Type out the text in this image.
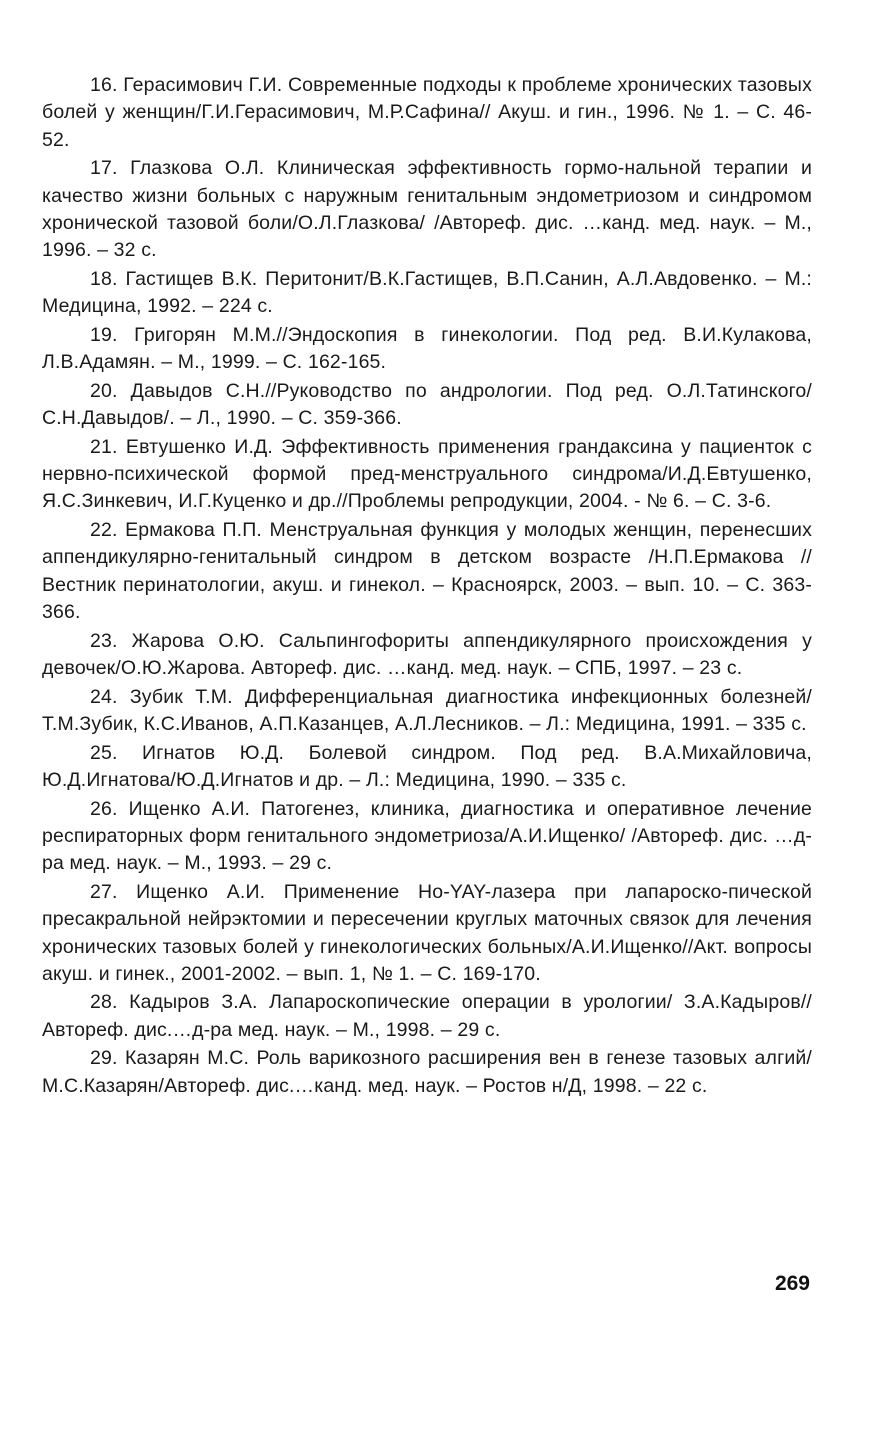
16. Герасимович Г.И. Современные подходы к проблеме хронических тазовых болей у женщин/Г.И.Герасимович, М.Р.Сафина// Акуш. и гин., 1996. № 1. – С. 46-52.

17. Глазкова О.Л. Клиническая эффективность гормо-нальной терапии и качество жизни больных с наружным генитальным эндометриозом и синдромом хронической тазовой боли/О.Л.Глазкова/ /Автореф. дис. …канд. мед. наук. – М., 1996. – 32 с.

18. Гастищев В.К. Перитонит/В.К.Гастищев, В.П.Санин, А.Л.Авдовенко. – М.: Медицина, 1992. – 224 с.

19. Григорян М.М.//Эндоскопия в гинекологии. Под ред. В.И.Кулакова, Л.В.Адамян. – М., 1999. – С. 162-165.

20. Давыдов С.Н.//Руководство по андрологии. Под ред. О.Л.Татинского/ С.Н.Давыдов/. – Л., 1990. – С. 359-366.

21. Евтушенко И.Д. Эффективность применения грандаксина у пациенток с нервно-психической формой пред-менструального синдрома/И.Д.Евтушенко, Я.С.Зинкевич, И.Г.Куценко и др.//Проблемы репродукции, 2004. - № 6. – С. 3-6.

22. Ермакова П.П. Менструальная функция у молодых женщин, перенесших аппендикулярно-генитальный синдром в детском возрасте /Н.П.Ермакова //Вестник перинатологии, акуш. и гинекол. – Красноярск, 2003. – вып. 10. – С. 363-366.

23. Жарова О.Ю. Сальпингофориты аппендикулярного происхождения у девочек/О.Ю.Жарова. Автореф. дис. …канд. мед. наук. – СПБ, 1997. – 23 с.

24. Зубик Т.М. Дифференциальная диагностика инфекционных болезней/Т.М.Зубик, К.С.Иванов, А.П.Казанцев, А.Л.Лесников. – Л.: Медицина, 1991. – 335 с.

25. Игнатов Ю.Д. Болевой синдром. Под ред. В.А.Михайловича, Ю.Д.Игнатова/Ю.Д.Игнатов и др. – Л.: Медицина, 1990. – 335 с.

26. Ищенко А.И. Патогенез, клиника, диагностика и оперативное лечение респираторных форм генитального эндометриоза/А.И.Ищенко/ /Автореф. дис. …д-ра мед. наук. – М., 1993. – 29 с.

27. Ищенко А.И. Применение Ho-YAY-лазера при лапароско-пической пресакральной нейрэктомии и пересечении круглых маточных связок для лечения хронических тазовых болей у гинекологических больных/А.И.Ищенко//Акт. вопросы акуш. и гинек., 2001-2002. – вып. 1, № 1. – С. 169-170.

28. Кадыров З.А. Лапароскопические операции в урологии/ З.А.Кадыров//Автореф. дис.…д-ра мед. наук. – М., 1998. – 29 с.

29. Казарян М.С. Роль варикозного расширения вен в генезе тазовых алгий/М.С.Казарян/Автореф. дис.…канд. мед. наук. – Ростов н/Д, 1998. – 22 с.

269
